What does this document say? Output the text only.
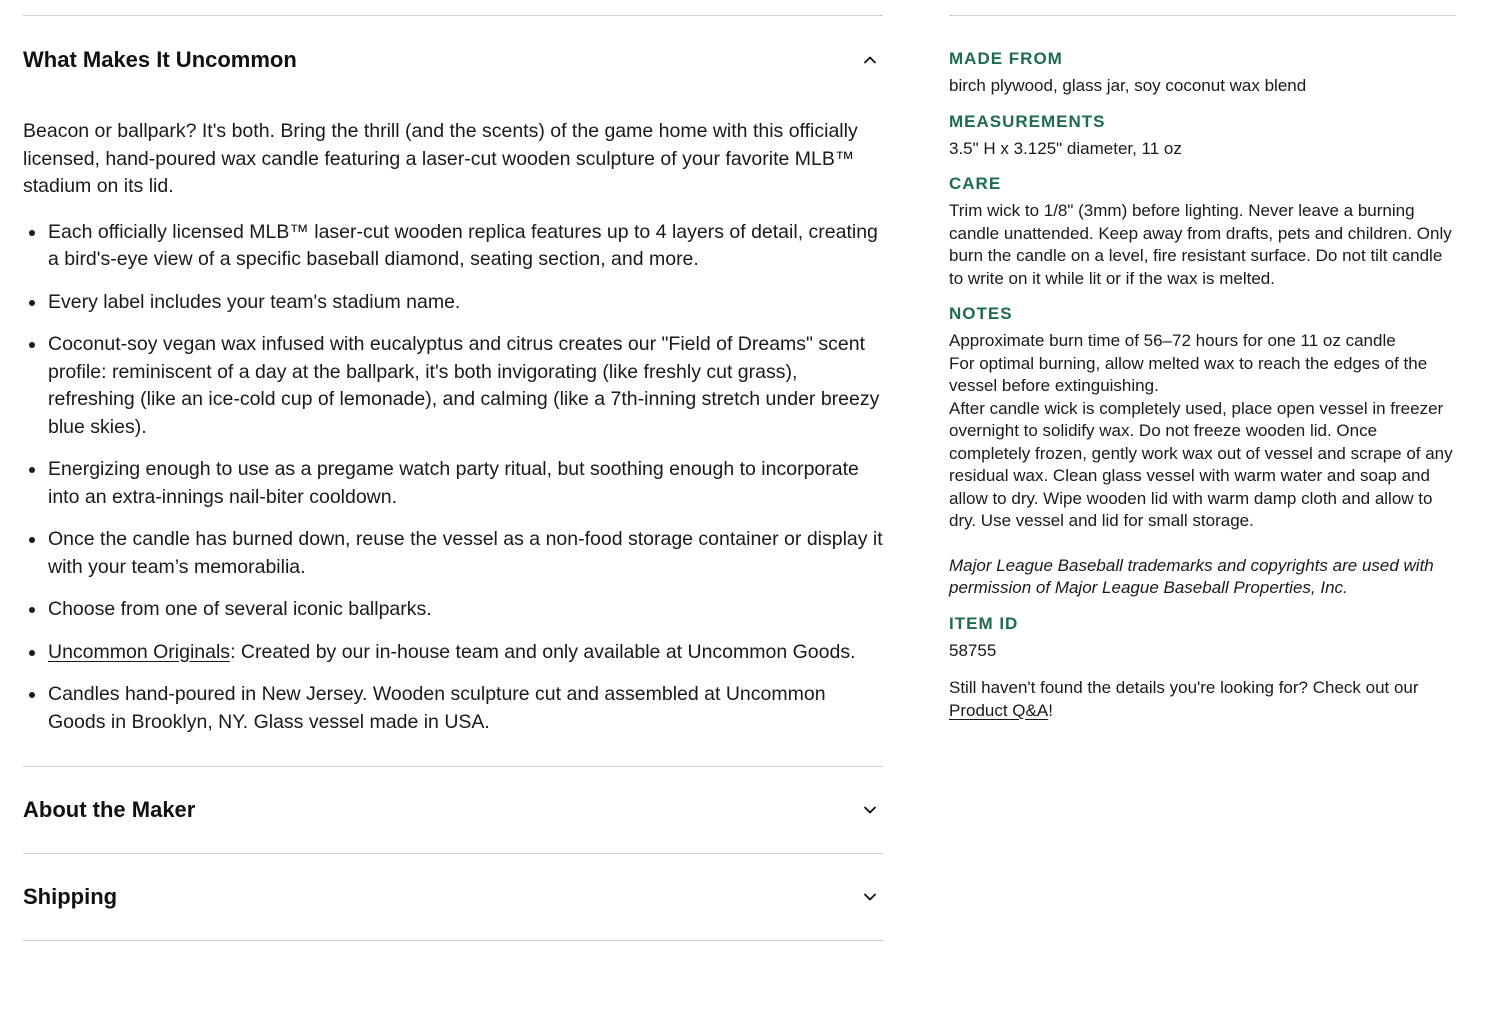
What Makes It Uncommon

Beacon or ballpark? It's both. Bring the thrill (and the scents) of the game home with this officially licensed, hand-poured wax candle featuring a laser-cut wooden sculpture of your favorite MLB™ stadium on its lid.

Each officially licensed MLB™ laser-cut wooden replica features up to 4 layers of detail, creating a bird's-eye view of a specific baseball diamond, seating section, and more.
Every label includes your team's stadium name.
Coconut-soy vegan wax infused with eucalyptus and citrus creates our "Field of Dreams" scent profile: reminiscent of a day at the ballpark, it's both invigorating (like freshly cut grass), refreshing (like an ice-cold cup of lemonade), and calming (like a 7th-inning stretch under breezy blue skies).
Energizing enough to use as a pregame watch party ritual, but soothing enough to incorporate into an extra-innings nail-biter cooldown.
Once the candle has burned down, reuse the vessel as a non-food storage container or display it with your team’s memorabilia.
Choose from one of several iconic ballparks.
Uncommon Originals: Created by our in-house team and only available at Uncommon Goods.
Candles hand-poured in New Jersey. Wooden sculpture cut and assembled at Uncommon Goods in Brooklyn, NY. Glass vessel made in USA.
About the Maker
Shipping
MADE FROM

birch plywood, glass jar, soy coconut wax blend

MEASUREMENTS

3.5" H x 3.125" diameter, 11 oz

CARE

Trim wick to 1/8" (3mm) before lighting. Never leave a burning candle unattended. Keep away from drafts, pets and children. Only burn the candle on a level, fire resistant surface. Do not tilt candle to write on it while lit or if the wax is melted.

NOTES

Approximate burn time of 56–72 hours for one 11 oz candle

For optimal burning, allow melted wax to reach the edges of the vessel before extinguishing.

After candle wick is completely used, place open vessel in freezer overnight to solidify wax. Do not freeze wooden lid. Once completely frozen, gently work wax out of vessel and scrape of any residual wax. Clean glass vessel with warm water and soap and allow to dry. Wipe wooden lid with warm damp cloth and allow to dry. Use vessel and lid for small storage.

Major League Baseball trademarks and copyrights are used with permission of Major League Baseball Properties, Inc.

ITEM ID

58755

Still haven't found the details you're looking for? Check out our Product Q&A!
